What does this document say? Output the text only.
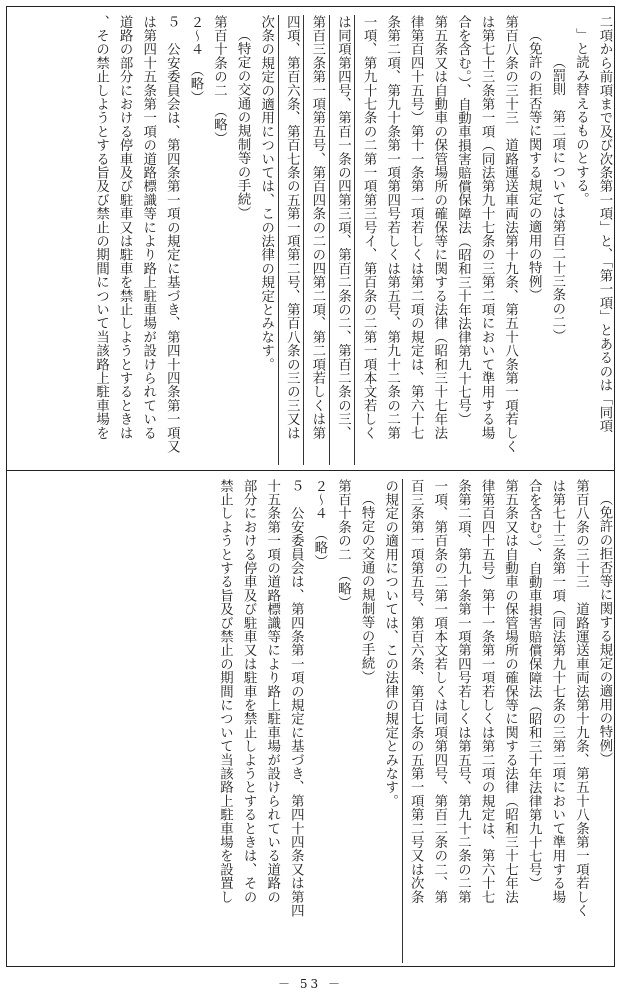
二項から前項まで及び次条第一項」と、「第一項」とあるのは「同項
」と読み替えるものとする。
（罰則　第二項については第百二十三条の二）
（免許の拒否等に関する規定の適用の特例）
第百八条の三十三　道路運送車両法第十九条、第五十八条第一項若しく
は第七十三条第一項（同法第九十七条の三第二項において準用する場
合を含む。）、自動車損害賠償保障法（昭和三十年法律第九十七号）
第五条又は自動車の保管場所の確保等に関する法律（昭和三十七年法
律第百四十五号）第十一条第一項若しくは第二項の規定は、第六十七
条第二項、第九十条第一項第四号若しくは第五号、第九十二条の二第
一項、第九十七条の二第一項第三号イ、第百条の二第一項本文若しく
は同項第四号、第百一条の四第三項、第百二条の二、第百二条の三、
第百三条第一項第五号、第百四条の二の四第二項、第二項若しくは第
四項、第百六条、第百七条の五第一項第二号、第百八条の三の三又は
次条の規定の適用については、この法律の規定とみなす。
（特定の交通の規制等の手続）
第百十条の二　（略）
２〜４　（略）
５　公安委員会は、第四条第一項の規定に基づき、第四十四条第一項又
は第四十五条第一項の道路標識等により路上駐車場が設けられている
道路の部分における停車及び駐車又は駐車を禁止しようとするときは
、その禁止しようとする旨及び禁止の期間について当該路上駐車場を
（免許の拒否等に関する規定の適用の特例）
第百八条の三十三　道路運送車両法第十九条、第五十八条第一項若しく
は第七十三条第一項（同法第九十七条の三第二項において準用する場
合を含む。）、自動車損害賠償保障法（昭和三十年法律第九十七号）
第五条又は自動車の保管場所の確保等に関する法律（昭和三十七年法
律第百四十五号）第十一条第一項若しくは第二項の規定は、第六十七
条第二項、第九十条第一項第四号若しくは第五号、第九十二条の二第
一項、第百条の二第一項本文若しくは同項第四号、第百二条の二、第
百三条第一項第五号、第百六条、第百七条の五第一項第二号又は次条
の規定の適用については、この法律の規定とみなす。
（特定の交通の規制等の手続）
第百十条の二　（略）
２〜４　（略）
５　公安委員会は、第四条第一項の規定に基づき、第四十四条又は第四
十五条第一項の道路標識等により路上駐車場が設けられている道路の
部分における停車及び駐車又は駐車を禁止しようとするときは、その
禁止しようとする旨及び禁止の期間について当該路上駐車場を設置し
－ 53 －
